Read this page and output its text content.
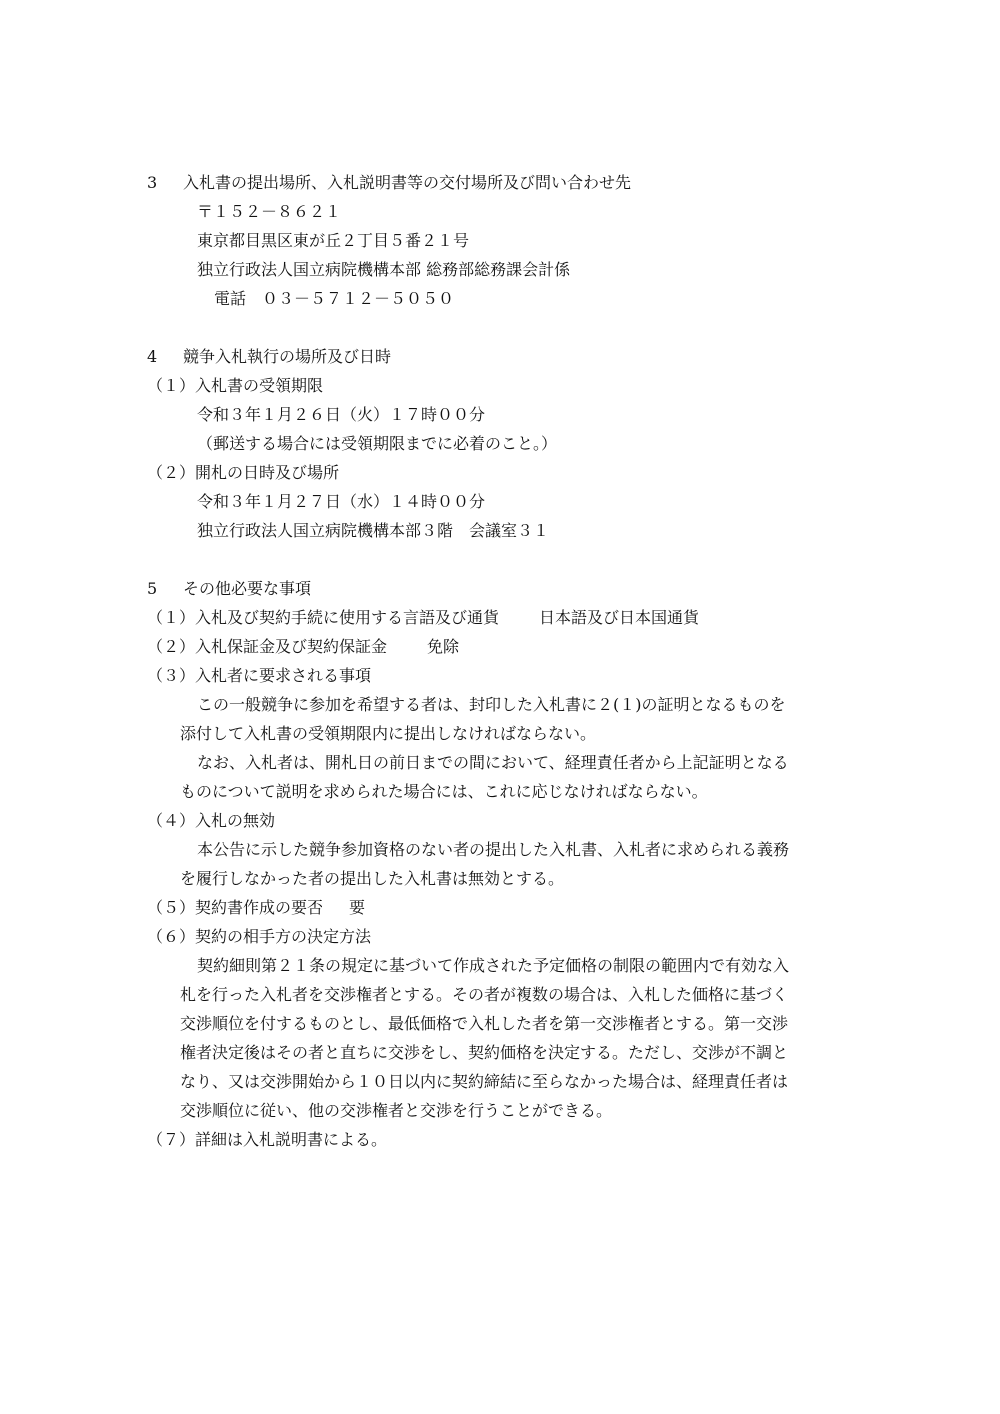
3 入札書の提出場所、入札説明書等の交付場所及び問い合わせ先
〒１５２－８６２１
東京都目黒区東が丘２丁目５番２１号
独立行政法人国立病院機構本部 総務部総務課会計係
電話　０３－５７１２－５０５０
4 競争入札執行の場所及び日時
（１）入札書の受領期限
令和３年１月２６日（火）１７時００分
（郵送する場合には受領期限までに必着のこと。）
（２）開札の日時及び場所
令和３年１月２７日（水）１４時００分
独立行政法人国立病院機構本部３階　会議室３１
5 その他必要な事項
（１）入札及び契約手続に使用する言語及び通貨	日本語及び日本国通貨
（２）入札保証金及び契約保証金	免除
（３）入札者に要求される事項
この一般競争に参加を希望する者は、封印した入札書に２(１)の証明となるものを
添付して入札書の受領期限内に提出しなければならない。
なお、入札者は、開札日の前日までの間において、経理責任者から上記証明となる
ものについて説明を求められた場合には、これに応じなければならない。
（４）入札の無効
本公告に示した競争参加資格のない者の提出した入札書、入札者に求められる義務
を履行しなかった者の提出した入札書は無効とする。
（５）契約書作成の要否 要
（６）契約の相手方の決定方法
契約細則第２１条の規定に基づいて作成された予定価格の制限の範囲内で有効な入
札を行った入札者を交渉権者とする。その者が複数の場合は、入札した価格に基づく
交渉順位を付するものとし、最低価格で入札した者を第一交渉権者とする。第一交渉
権者決定後はその者と直ちに交渉をし、契約価格を決定する。ただし、交渉が不調と
なり、又は交渉開始から１０日以内に契約締結に至らなかった場合は、経理責任者は
交渉順位に従い、他の交渉権者と交渉を行うことができる。
（７）詳細は入札説明書による。
